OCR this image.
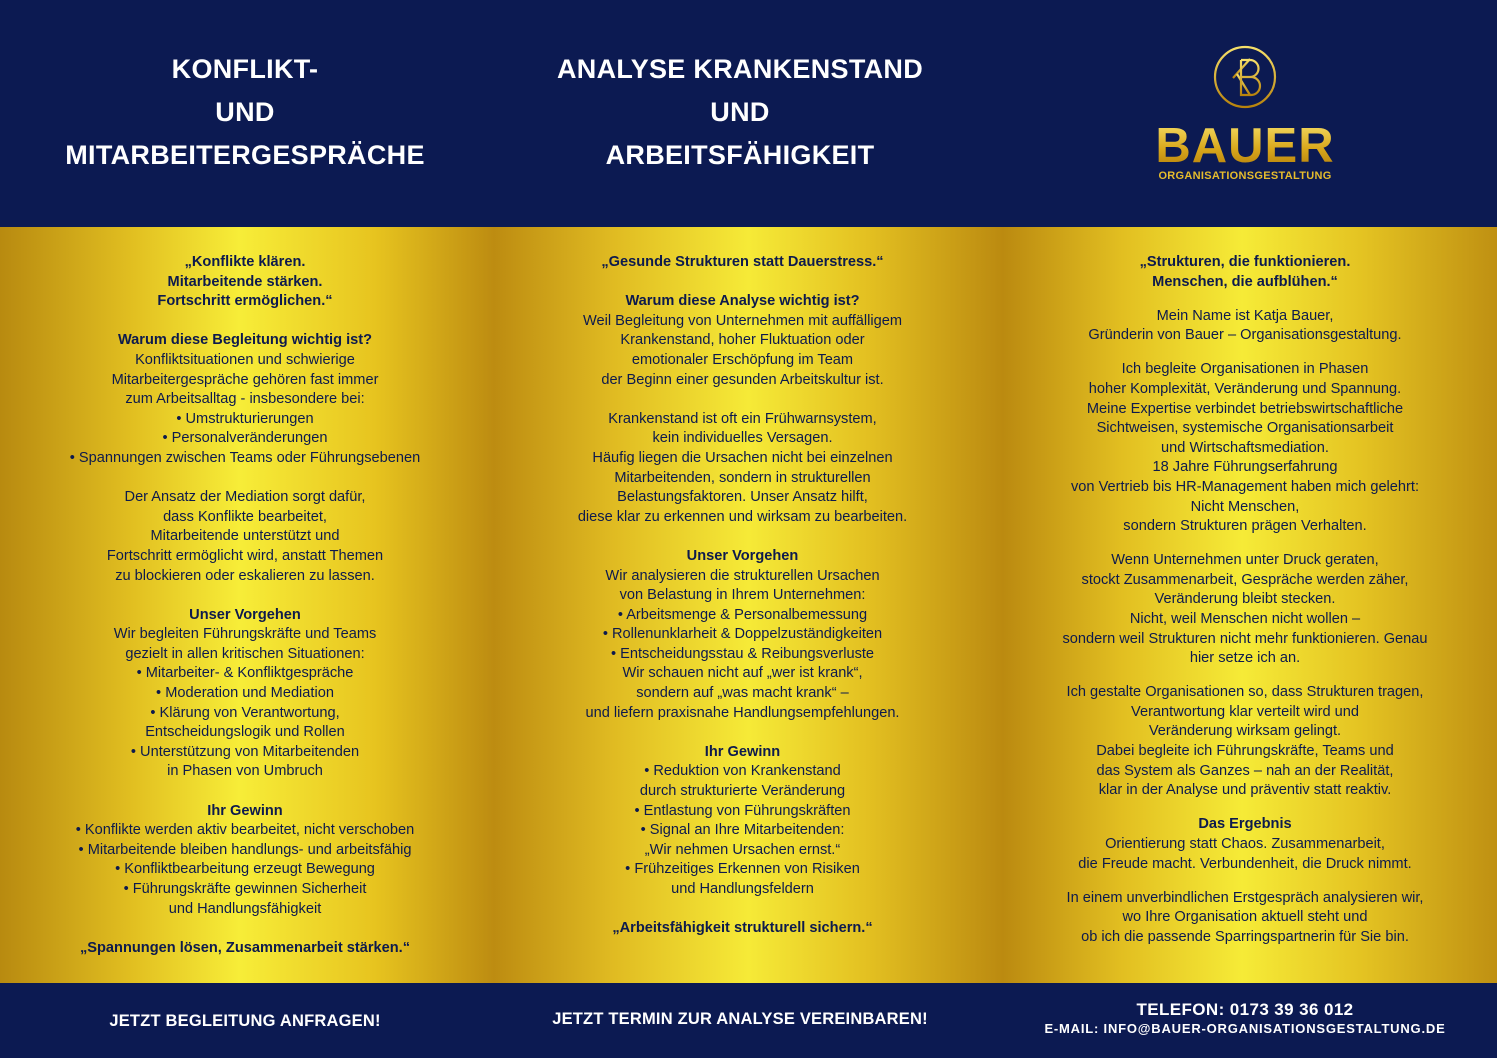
KONFLIKT-
UND
MITARBEITERGESPRÄCHE
ANALYSE KRANKENSTAND
UND
ARBEITSFÄHIGKEIT	BAUER
ORGANISATIONSGESTALTUNG
„Konflikte klären.
Mitarbeitende stärken.
Fortschritt ermöglichen.“
Warum diese Begleitung wichtig ist?
Konfliktsituationen und schwierige
Mitarbeitergespräche gehören fast immer
zum Arbeitsalltag - insbesondere bei:
• Umstrukturierungen
• Personalveränderungen
• Spannungen zwischen Teams oder Führungsebenen
Der Ansatz der Mediation sorgt dafür,
dass Konflikte bearbeitet,
Mitarbeitende unterstützt und
Fortschritt ermöglicht wird, anstatt Themen
zu blockieren oder eskalieren zu lassen.
Unser Vorgehen
Wir begleiten Führungskräfte und Teams
gezielt in allen kritischen Situationen:
• Mitarbeiter- & Konfliktgespräche
• Moderation und Mediation
• Klärung von Verantwortung,
Entscheidungslogik und Rollen
• Unterstützung von Mitarbeitenden
in Phasen von Umbruch
Ihr Gewinn
• Konflikte werden aktiv bearbeitet, nicht verschoben
• Mitarbeitende bleiben handlungs- und arbeitsfähig
• Konfliktbearbeitung erzeugt Bewegung
• Führungskräfte gewinnen Sicherheit
und Handlungsfähigkeit
„Spannungen lösen, Zusammenarbeit stärken.“
„Gesunde Strukturen statt Dauerstress.“
Warum diese Analyse wichtig ist?
Weil Begleitung von Unternehmen mit auffälligem
Krankenstand, hoher Fluktuation oder
emotionaler Erschöpfung im Team
der Beginn einer gesunden Arbeitskultur ist.
Krankenstand ist oft ein Frühwarnsystem,
kein individuelles Versagen.
Häufig liegen die Ursachen nicht bei einzelnen
Mitarbeitenden, sondern in strukturellen
Belastungsfaktoren. Unser Ansatz hilft,
diese klar zu erkennen und wirksam zu bearbeiten.
Unser Vorgehen
Wir analysieren die strukturellen Ursachen
von Belastung in Ihrem Unternehmen:
• Arbeitsmenge & Personalbemessung
• Rollenunklarheit & Doppelzuständigkeiten
• Entscheidungsstau & Reibungsverluste
Wir schauen nicht auf „wer ist krank“,
sondern auf „was macht krank“ –
und liefern praxisnahe Handlungsempfehlungen.
Ihr Gewinn
• Reduktion von Krankenstand
durch strukturierte Veränderung
• Entlastung von Führungskräften
• Signal an Ihre Mitarbeitenden:
„Wir nehmen Ursachen ernst.“
• Frühzeitiges Erkennen von Risiken
und Handlungsfeldern
„Arbeitsfähigkeit strukturell sichern.“
„Strukturen, die funktionieren.
Menschen, die aufblühen.“
Mein Name ist Katja Bauer,
Gründerin von Bauer – Organisationsgestaltung.
Ich begleite Organisationen in Phasen
hoher Komplexität, Veränderung und Spannung.
Meine Expertise verbindet betriebswirtschaftliche
Sichtweisen, systemische Organisationsarbeit
und Wirtschaftsmediation.
18 Jahre Führungserfahrung
von Vertrieb bis HR-Management haben mich gelehrt:
Nicht Menschen,
sondern Strukturen prägen Verhalten.
Wenn Unternehmen unter Druck geraten,
stockt Zusammenarbeit, Gespräche werden zäher,
Veränderung bleibt stecken.
Nicht, weil Menschen nicht wollen –
sondern weil Strukturen nicht mehr funktionieren. Genau
hier setze ich an.
Ich gestalte Organisationen so, dass Strukturen tragen,
Verantwortung klar verteilt wird und
Veränderung wirksam gelingt.
Dabei begleite ich Führungskräfte, Teams und
das System als Ganzes – nah an der Realität,
klar in der Analyse und präventiv statt reaktiv.
Das Ergebnis
Orientierung statt Chaos. Zusammenarbeit,
die Freude macht. Verbundenheit, die Druck nimmt.
In einem unverbindlichen Erstgespräch analysieren wir,
wo Ihre Organisation aktuell steht und
ob ich die passende Sparringspartnerin für Sie bin.
JETZT BEGLEITUNG ANFRAGEN!	JETZT TERMIN ZUR ANALYSE VEREINBAREN!	TELEFON: 0173 39 36 012
E-MAIL: INFO@BAUER-ORGANISATIONSGESTALTUNG.DE
